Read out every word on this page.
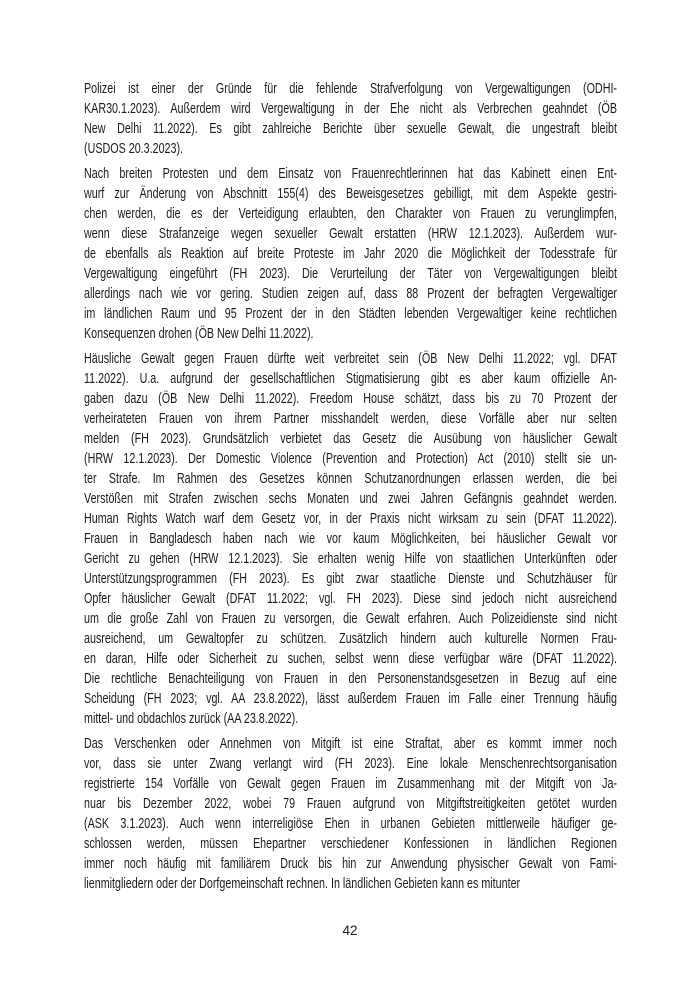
Polizei ist einer der Gründe für die fehlende Strafverfolgung von Vergewaltigungen (ODHI-
KAR30.1.2023). Außerdem wird Vergewaltigung in der Ehe nicht als Verbrechen geahndet (ÖB
New Delhi 11.2022). Es gibt zahlreiche Berichte über sexuelle Gewalt, die ungestraft bleibt
(USDOS 20.3.2023).
Nach breiten Protesten und dem Einsatz von Frauenrechtlerinnen hat das Kabinett einen Ent-
wurf zur Änderung von Abschnitt 155(4) des Beweisgesetzes gebilligt, mit dem Aspekte gestri-
chen werden, die es der Verteidigung erlaubten, den Charakter von Frauen zu verunglimpfen,
wenn diese Strafanzeige wegen sexueller Gewalt erstatten (HRW 12.1.2023). Außerdem wur-
de ebenfalls als Reaktion auf breite Proteste im Jahr 2020 die Möglichkeit der Todesstrafe für
Vergewaltigung eingeführt (FH 2023). Die Verurteilung der Täter von Vergewaltigungen bleibt
allerdings nach wie vor gering. Studien zeigen auf, dass 88 Prozent der befragten Vergewaltiger
im ländlichen Raum und 95 Prozent der in den Städten lebenden Vergewaltiger keine rechtlichen
Konsequenzen drohen (ÖB New Delhi 11.2022).
Häusliche Gewalt gegen Frauen dürfte weit verbreitet sein (ÖB New Delhi 11.2022; vgl. DFAT
11.2022). U.a. aufgrund der gesellschaftlichen Stigmatisierung gibt es aber kaum offizielle An-
gaben dazu (ÖB New Delhi 11.2022). Freedom House schätzt, dass bis zu 70 Prozent der
verheirateten Frauen von ihrem Partner misshandelt werden, diese Vorfälle aber nur selten
melden (FH 2023). Grundsätzlich verbietet das Gesetz die Ausübung von häuslicher Gewalt
(HRW 12.1.2023). Der Domestic Violence (Prevention and Protection) Act (2010) stellt sie un-
ter Strafe. Im Rahmen des Gesetzes können Schutzanordnungen erlassen werden, die bei
Verstößen mit Strafen zwischen sechs Monaten und zwei Jahren Gefängnis geahndet werden.
Human Rights Watch warf dem Gesetz vor, in der Praxis nicht wirksam zu sein (DFAT 11.2022).
Frauen in Bangladesch haben nach wie vor kaum Möglichkeiten, bei häuslicher Gewalt vor
Gericht zu gehen (HRW 12.1.2023). Sie erhalten wenig Hilfe von staatlichen Unterkünften oder
Unterstützungsprogrammen (FH 2023). Es gibt zwar staatliche Dienste und Schutzhäuser für
Opfer häuslicher Gewalt (DFAT 11.2022; vgl. FH 2023). Diese sind jedoch nicht ausreichend
um die große Zahl von Frauen zu versorgen, die Gewalt erfahren. Auch Polizeidienste sind nicht
ausreichend, um Gewaltopfer zu schützen. Zusätzlich hindern auch kulturelle Normen Frau-
en daran, Hilfe oder Sicherheit zu suchen, selbst wenn diese verfügbar wäre (DFAT 11.2022).
Die rechtliche Benachteiligung von Frauen in den Personenstandsgesetzen in Bezug auf eine
Scheidung (FH 2023; vgl. AA 23.8.2022), lässt außerdem Frauen im Falle einer Trennung häufig
mittel- und obdachlos zurück (AA 23.8.2022).
Das Verschenken oder Annehmen von Mitgift ist eine Straftat, aber es kommt immer noch
vor, dass sie unter Zwang verlangt wird (FH 2023). Eine lokale Menschenrechtsorganisation
registrierte 154 Vorfälle von Gewalt gegen Frauen im Zusammenhang mit der Mitgift von Ja-
nuar bis Dezember 2022, wobei 79 Frauen aufgrund von Mitgiftstreitigkeiten getötet wurden
(ASK 3.1.2023). Auch wenn interreligiöse Ehen in urbanen Gebieten mittlerweile häufiger ge-
schlossen werden, müssen Ehepartner verschiedener Konfessionen in ländlichen Regionen
immer noch häufig mit familiärem Druck bis hin zur Anwendung physischer Gewalt von Fami-
lienmitgliedern oder der Dorfgemeinschaft rechnen. In ländlichen Gebieten kann es mitunter
42
